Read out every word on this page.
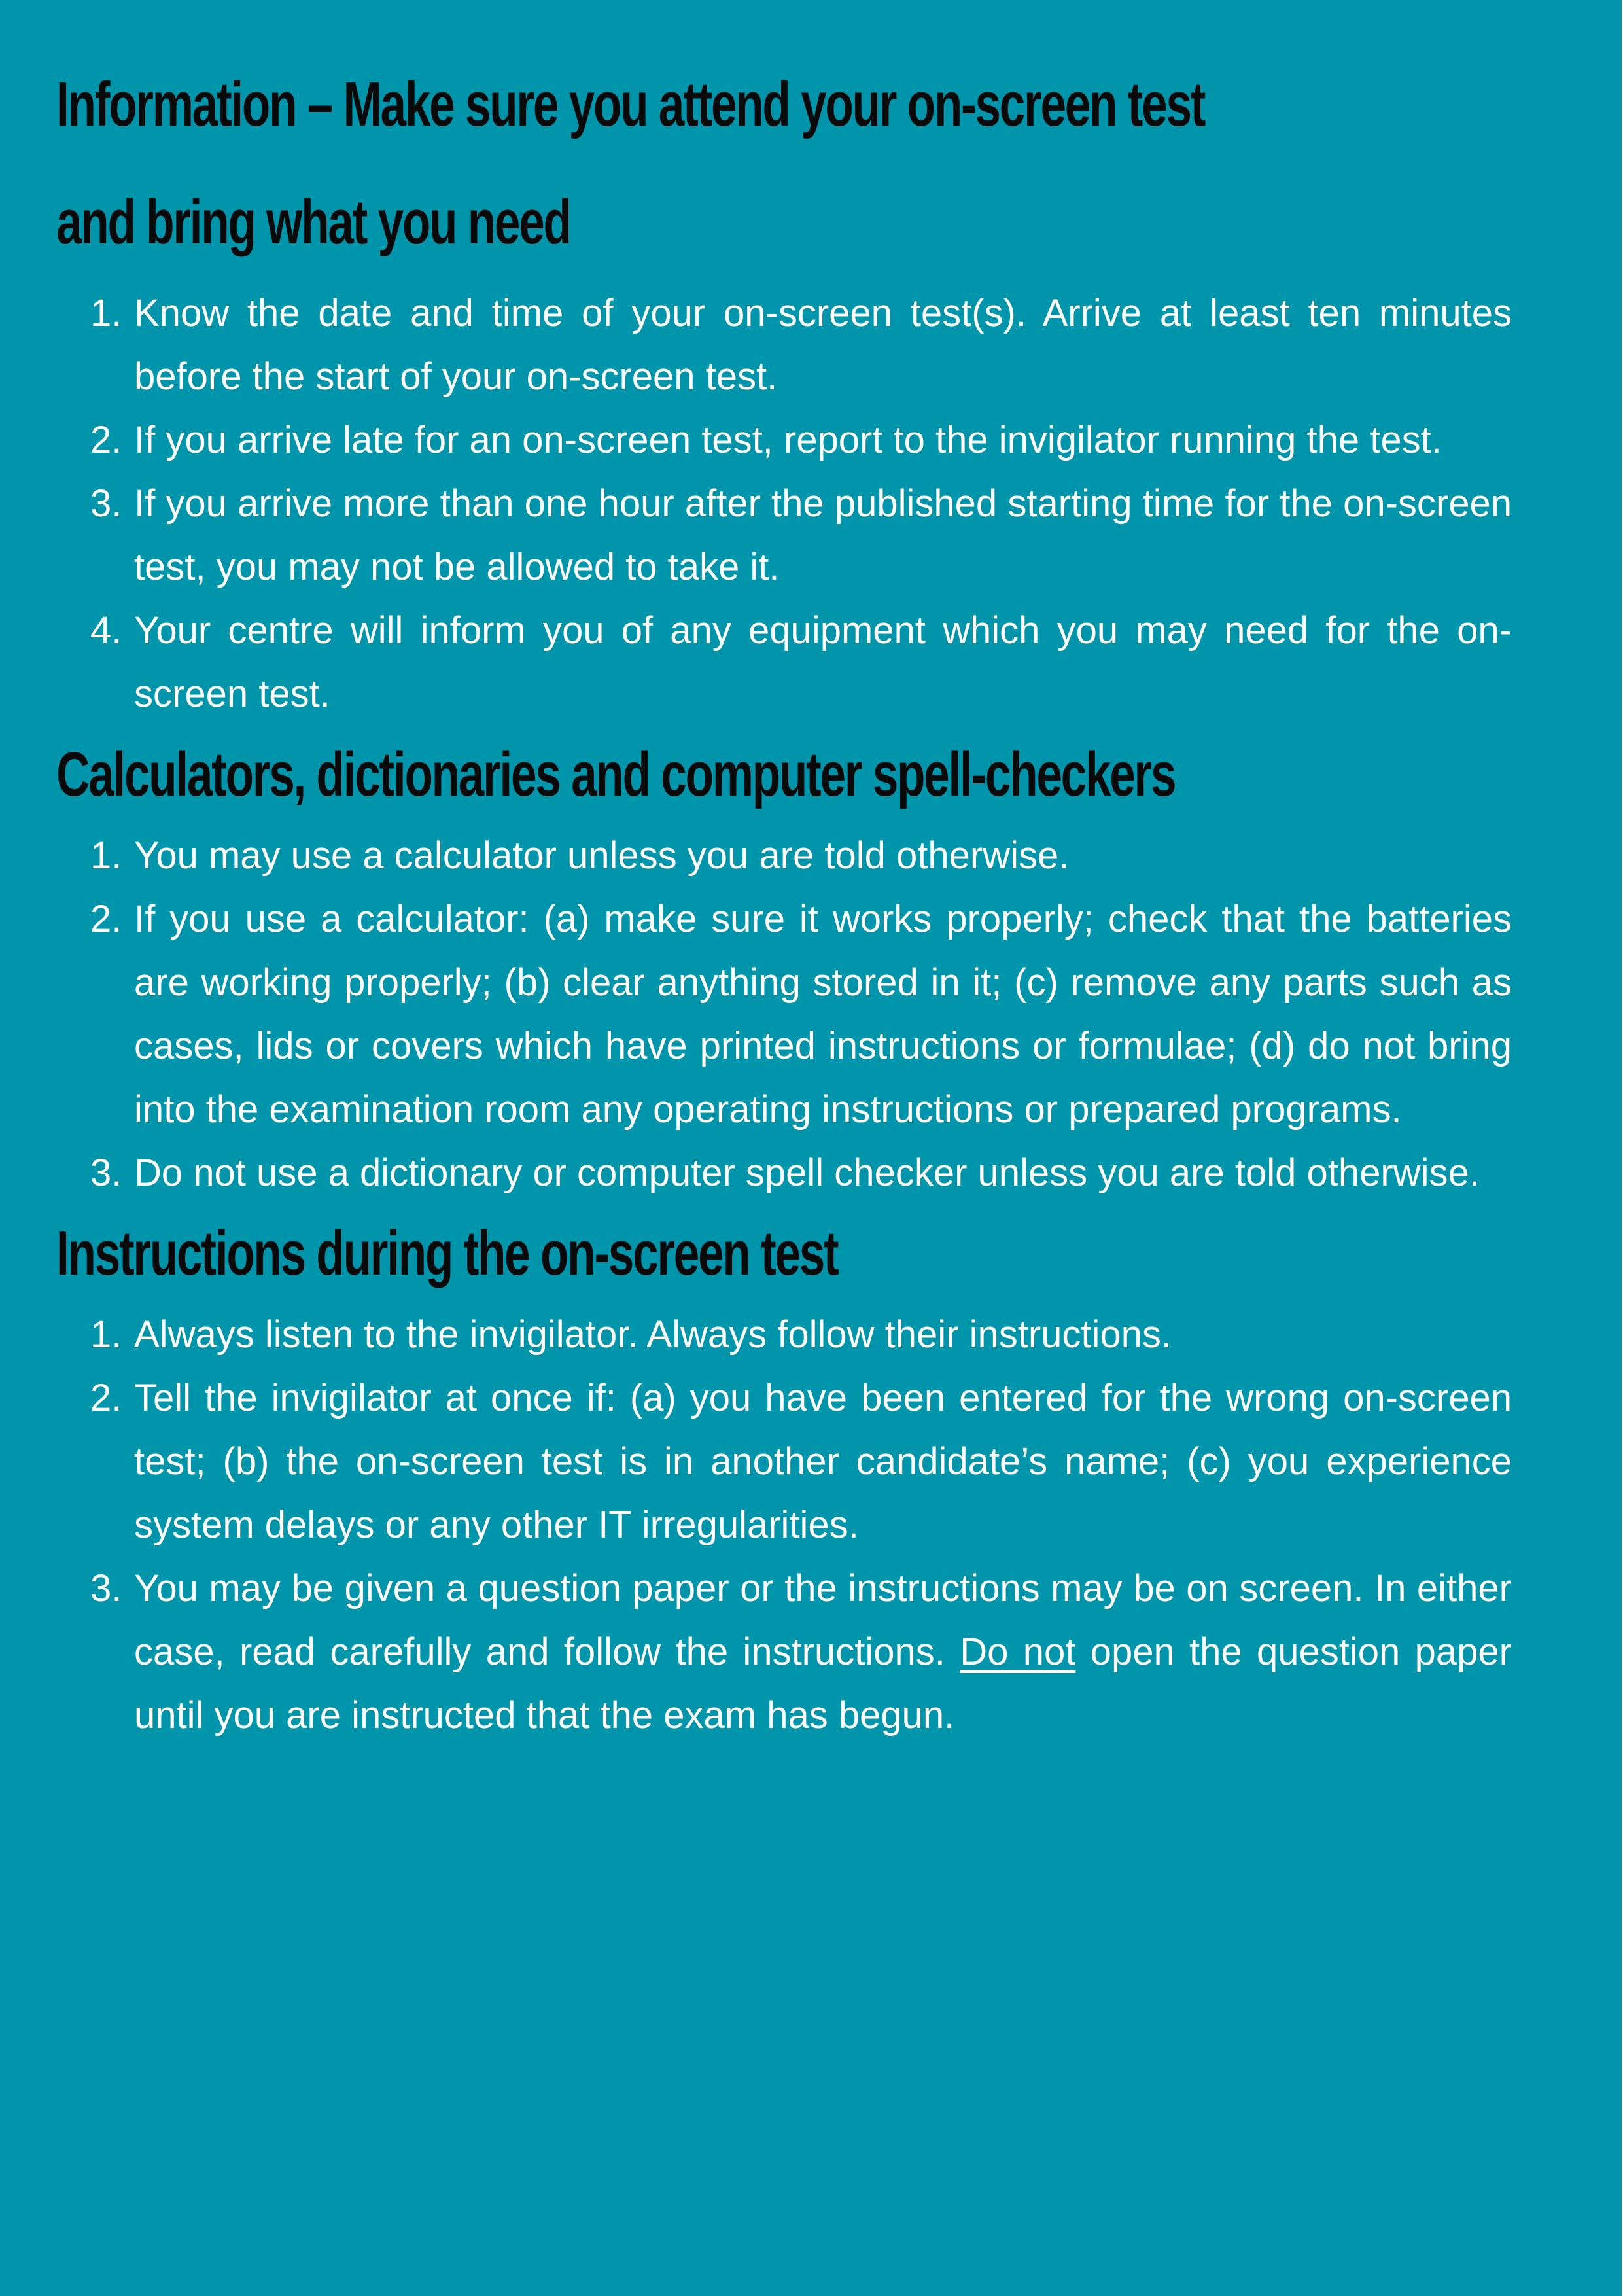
Information – Make sure you attend your on-screen test
and bring what you need
1. Know the date and time of your on-screen test(s). Arrive at least ten minutes before the start of your on-screen test.
2. If you arrive late for an on-screen test, report to the invigilator running the test.
3. If you arrive more than one hour after the published starting time for the on-screen test, you may not be allowed to take it.
4. Your centre will inform you of any equipment which you may need for the on-screen test.
Calculators, dictionaries and computer spell-checkers
1. You may use a calculator unless you are told otherwise.
2. If you use a calculator: (a) make sure it works properly; check that the batteries are working properly; (b) clear anything stored in it; (c) remove any parts such as cases, lids or covers which have printed instructions or formulae; (d) do not bring into the examination room any operating instructions or prepared programs.
3. Do not use a dictionary or computer spell checker unless you are told otherwise.
Instructions during the on-screen test
1. Always listen to the invigilator. Always follow their instructions.
2. Tell the invigilator at once if: (a) you have been entered for the wrong on-screen test; (b) the on-screen test is in another candidate’s name; (c) you experience system delays or any other IT irregularities.
3. You may be given a question paper or the instructions may be on screen. In either case, read carefully and follow the instructions. Do not open the question paper until you are instructed that the exam has begun.
